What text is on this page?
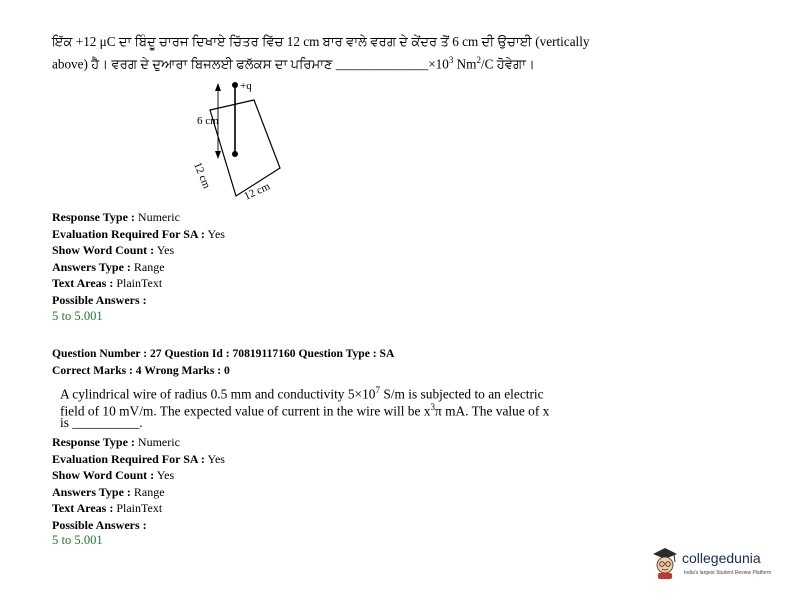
ਇੱਕ +12 μC ਦਾ ਬਿੰਦੂ ਚਾਰਜ ਦਿਖਾਏ ਚਿੱਤਰ ਵਿੱਚ 12 cm ਬਾਰ ਵਾਲੇ ਵਰਗ ਦੇ ਕੇਂਦਰ ਤੋਂ 6 cm ਦੀ ਉਚਾਈ (vertically
above) ਹੈ। ਵਰਗ ਦੇ ਦੁਆਰਾ ਬਿਜਲਈ ਫਲੱਕਸ ਦਾ ਪਰਿਮਾਣ $\_\_\_\_\_\_\_\_\_\_\_\_\_\_\times 10^3$ Nm$^2$/C ਹੋਵੇਗਾ।
+q
6 cm
12 cm
12 cm
Response Type : Numeric
Evaluation Required For SA : Yes
Show Word Count : Yes
Answers Type : Range
Text Areas : PlainText
Possible Answers :
5 to 5.001
Question Number : 27 Question Id : 70819117160 Question Type : SA
Correct Marks : 4 Wrong Marks : 0
A cylindrical wire of radius 0.5 mm and conductivity $5\times 10^7$ S/m is subjected to an electric
field of 10 mV/m. The expected value of current in the wire will be $x^3\pi$ mA. The value of x
is __________.
Response Type : Numeric
Evaluation Required For SA : Yes
Show Word Count : Yes
Answers Type : Range
Text Areas : PlainText
Possible Answers :
5 to 5.001
collegedunia
India's largest Student Review Platform
